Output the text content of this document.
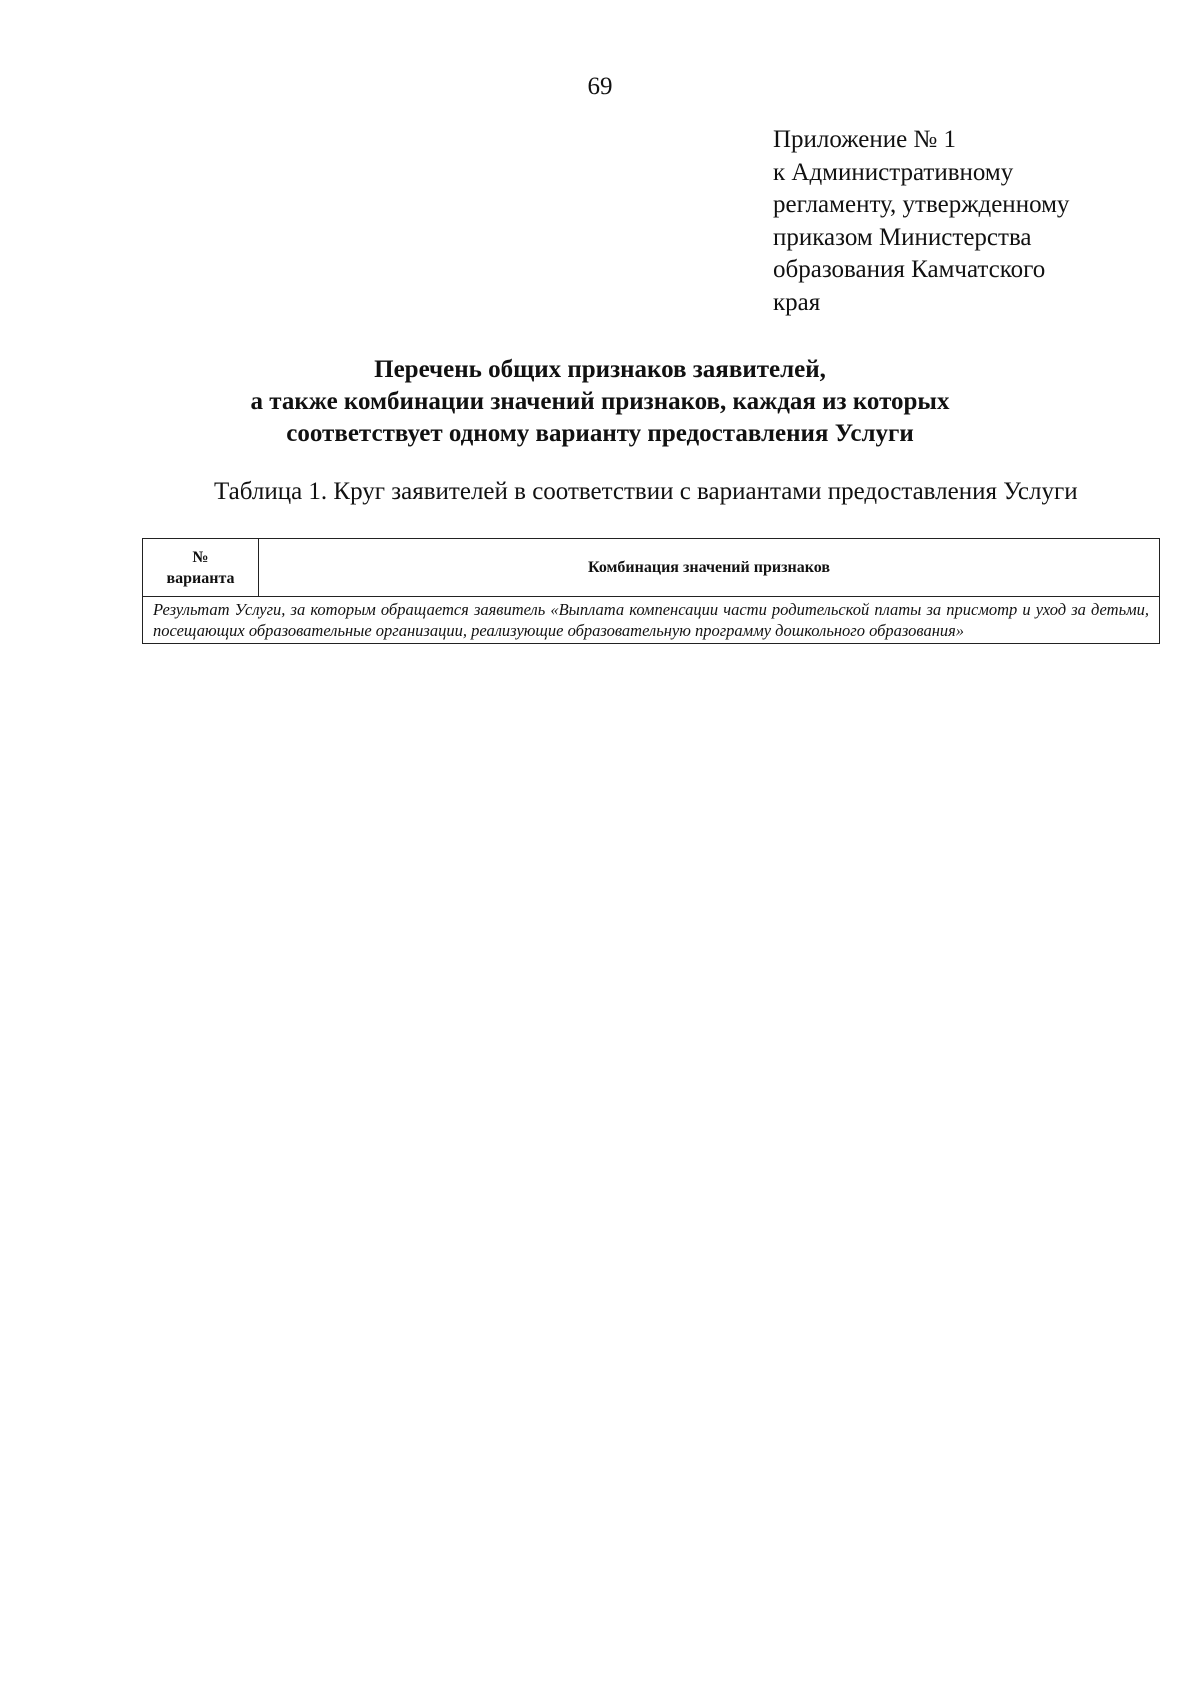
69
Приложение № 1
к Административному
регламенту, утвержденному
приказом Министерства
образования Камчатского
края
Перечень общих признаков заявителей,
а также комбинации значений признаков, каждая из которых
соответствует одному варианту предоставления Услуги
Таблица 1. Круг заявителей в соответствии с вариантами предоставления Услуги
№
варианта
	Комбинация значений признаков
Результат Услуги, за которым обращается заявитель «Выплата компенсации части родительской платы за присмотр и уход за детьми, посещающих образовательные организации, реализующие образовательную программу дошкольного образования»
